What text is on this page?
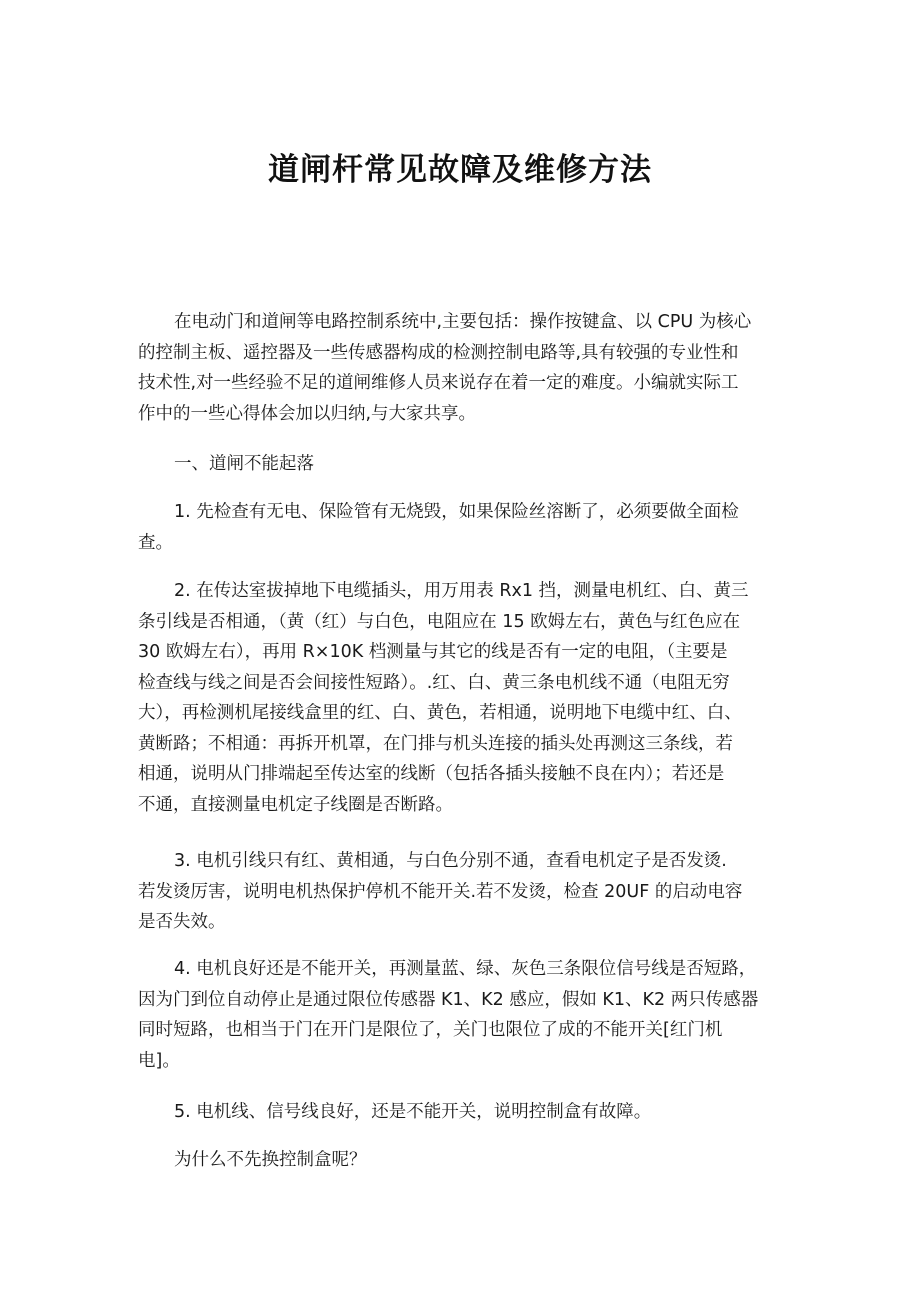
道闸杆常见故障及维修方法

在电动门和道闸等电路控制系统中,主要包括：操作按键盒、以 CPU 为核心
的控制主板、遥控器及一些传感器构成的检测控制电路等,具有较强的专业性和
技术性,对一些经验不足的道闸维修人员来说存在着一定的难度。小编就实际工
作中的一些心得体会加以归纳,与大家共享。

一、道闸不能起落

1. 先检查有无电、保险管有无烧毁，如果保险丝溶断了，必须要做全面检
查。

2. 在传达室拔掉地下电缆插头，用万用表 Rx1 挡，测量电机红、白、黄三
条引线是否相通，（黄（红）与白色，电阻应在 15 欧姆左右，黄色与红色应在
30 欧姆左右），再用 R×10K 档测量与其它的线是否有一定的电阻，（主要是
检查线与线之间是否会间接性短路）。.红、白、黄三条电机线不通（电阻无穷
大），再检测机尾接线盒里的红、白、黄色，若相通，说明地下电缆中红、白、
黄断路；不相通：再拆开机罩，在门排与机头连接的插头处再测这三条线，若
相通，说明从门排端起至传达室的线断（包括各插头接触不良在内）；若还是
不通，直接测量电机定子线圈是否断路。

3. 电机引线只有红、黄相通，与白色分别不通，查看电机定子是否发烫.
若发烫厉害，说明电机热保护停机不能开关.若不发烫，检查 20UF 的启动电容
是否失效。

4. 电机良好还是不能开关，再测量蓝、绿、灰色三条限位信号线是否短路，
因为门到位自动停止是通过限位传感器 K1、K2 感应，假如 K1、K2 两只传感器
同时短路，也相当于门在开门是限位了，关门也限位了成的不能开关[红门机
电]。

5. 电机线、信号线良好，还是不能开关，说明控制盒有故障。

为什么不先换控制盒呢？
